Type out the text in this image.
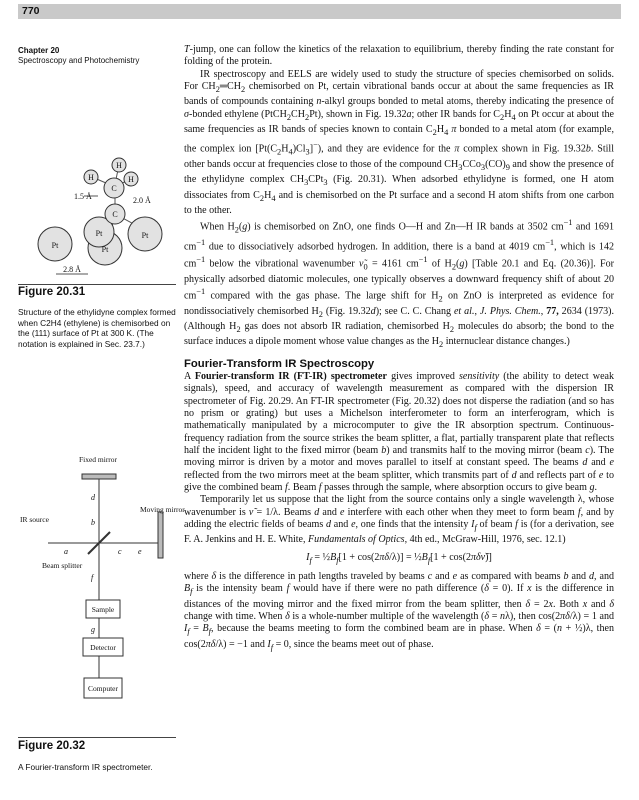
770
Chapter 20
Spectroscopy and Photochemistry
H
H	H
C
C
Pt
Pt	Pt
Pt
1.5 Å	2.0 Å
2.8 Å
Figure 20.31
Structure of the ethylidyne complex formed when C2H4 (ethylene) is chemisorbed on the (111) surface of Pt at 300 K. (The notation is explained in Sec. 23.7.)
Fixed mirror
Moving mirror
IR source
Beam splitter
Sample
Detector
Computer
d
b
a	c e
f
g
Figure 20.32
A Fourier-transform IR spectrometer.

T-jump, one can follow the kinetics of the relaxation to equilibrium, thereby finding the rate constant for folding of the protein.

IR spectroscopy and EELS are widely used to study the structure of species chemisorbed on solids. For $CH_2═CH_2$ chemisorbed on Pt, certain vibrational bands occur at about the same frequencies as IR bands of compounds containing n-alkyl groups bonded to metal atoms, thereby indicating the presence of σ-bonded ethylene $(PtCH_2CH_2Pt)$, shown in Fig. 19.32a; other IR bands for $C_2H_4$ on Pt occur at about the same frequencies as IR bands of species known to contain $C_2H_4$ π bonded to a metal atom (for example, the complex ion $[Pt(C_2H_4)Cl_3]^-$), and they are evidence for the π complex shown in Fig. 19.32b. Still other bands occur at frequencies close to those of the compound $CH_3CCo_3(CO)_9$ and show the presence of the ethylidyne complex $CH_3CPt_3$ (Fig. 20.31). When adsorbed ethylidyne is formed, one H atom dissociates from $C_2H_4$ and is chemisorbed on the Pt surface and a second H atom shifts from one carbon to the other.

When $H_2(g)$ is chemisorbed on ZnO, one finds O—H and Zn—H IR bands at 3502 $cm^{-1}$ and 1691 $cm^{-1}$ due to dissociatively adsorbed hydrogen. In addition, there is a band at 4019 $cm^{-1}$, which is 142 $cm^{-1}$ below the vibrational wavenumber $\nũ_0 = 4161$ $cm^{-1}$ of $H_2(g)$ [Table 20.1 and Eq. (20.36)]. For physically adsorbed diatomic molecules, one typically observes a downward frequency shift of about 20 $cm^{-1}$ compared with the gas phase. The large shift for $H_2$ on ZnO is interpreted as evidence for nondissociatively chemisorbed $H_2$ (Fig. 19.32d); see C. C. Chang et al., J. Phys. Chem., 77, 2634 (1973). (Although $H_2$ gas does not absorb IR radiation, chemisorbed $H_2$ molecules do absorb; the bond to the surface induces a dipole moment whose value changes as the $H_2$ internuclear distance changes.)

Fourier-Transform IR Spectroscopy

A Fourier-transform IR (FT-IR) spectrometer gives improved sensitivity (the ability to detect weak signals), speed, and accuracy of wavelength measurement as compared with the dispersion IR spectrometer of Fig. 20.29. An FT-IR spectrometer (Fig. 20.32) does not disperse the radiation (and so has no prism or grating) but uses a Michelson interferometer to form an interferogram, which is mathematically manipulated by a microcomputer to give the IR absorption spectrum. Continuous-frequency radiation from the source strikes the beam splitter, a flat, partially transparent plate that reflects half the incident light to the fixed mirror (beam b) and transmits half to the moving mirror (beam c). The moving mirror is driven by a motor and moves parallel to itself at constant speed. The beams d and e reflected from the two mirrors meet at the beam splitter, which transmits part of d and reflects part of e to give the combined beam f. Beam f passes through the sample, where absorption occurs to give beam g.

Temporarily let us suppose that the light from the source contains only a single wavelength λ, whose wavenumber is ν̃ = 1/λ. Beams d and e interfere with each other when they meet to form beam f, and by adding the electric fields of beams d and e, one finds that the intensity $I_f$ of beam f is (for a derivation, see F. A. Jenkins and H. E. White, Fundamentals of Optics, 4th ed., McGraw-Hill, 1976, sec. 12.1)

$I_f$ = $\frac{1}{2}B_f[1 + \cos(2\pi\delta/\lambda)]$ = $\frac{1}{2}B_f[1$ + cos(2πδν̃)]

where δ is the difference in path lengths traveled by beams c and e as compared with beams b and d, and $B_f$ is the intensity beam f would have if there were no path difference (δ = 0). If x is the difference in distances of the moving mirror and the fixed mirror from the beam splitter, then δ = 2x. Both x and δ change with time. When δ is a whole-number multiple of the wavelength (δ = nλ), then cos(2πδ/λ) = 1 and $I_f = B_f$, because the beams meeting to form the combined beam are in phase. When δ = (n + ½)λ, then cos(2πδ/λ) = −1 and $I_f = 0$, since the beams meet out of phase.
